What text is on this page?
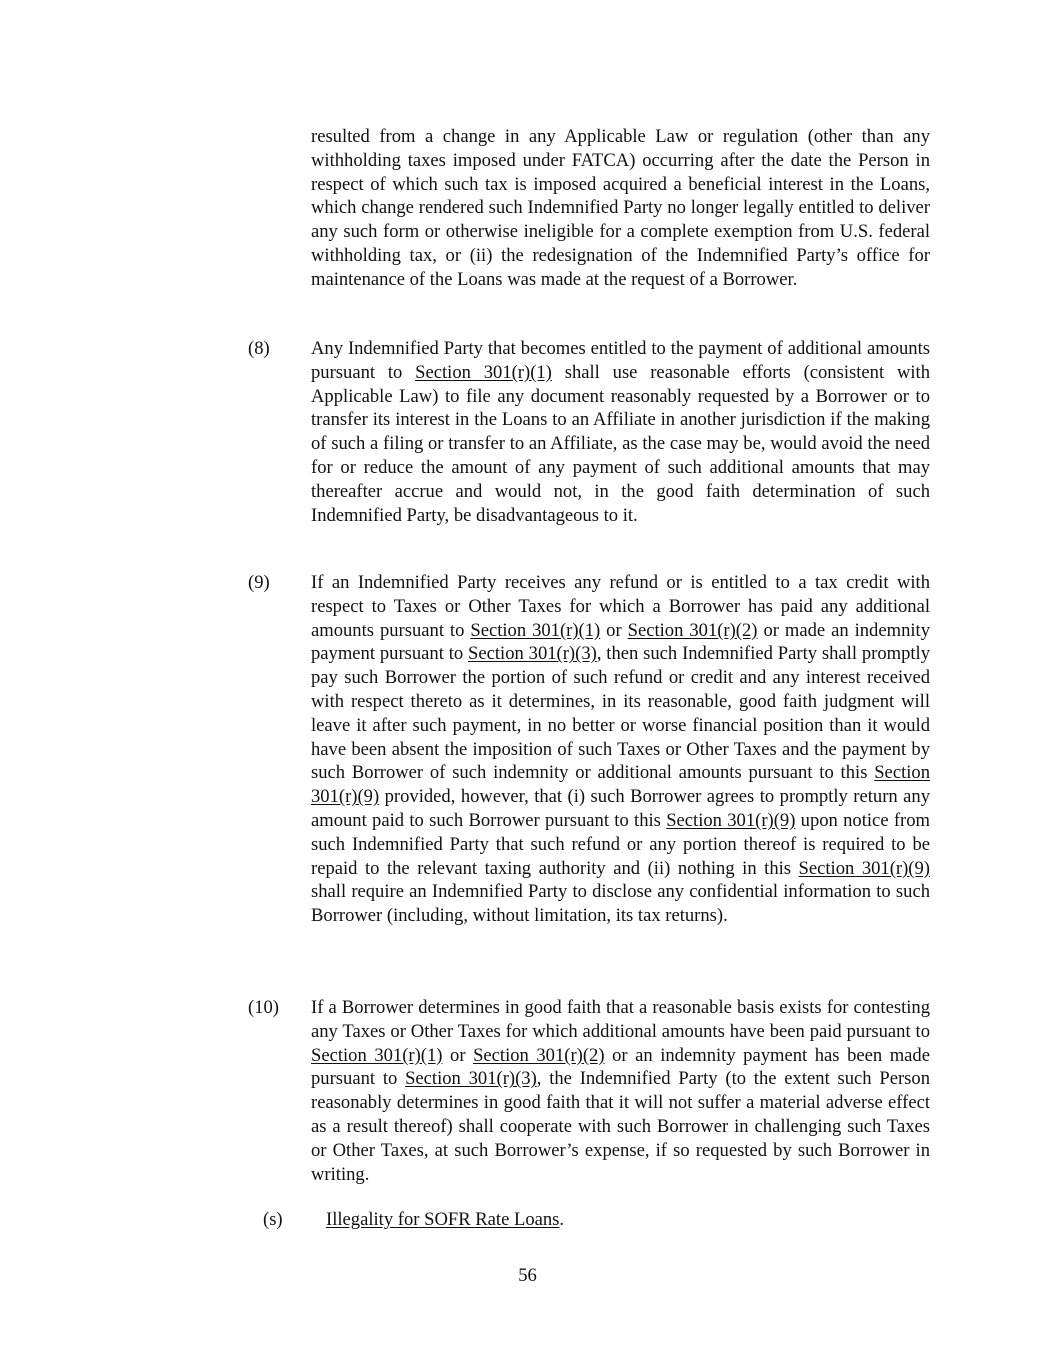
resulted from a change in any Applicable Law or regulation (other than any withholding taxes imposed under FATCA) occurring after the date the Person in respect of which such tax is imposed acquired a beneficial interest in the Loans, which change rendered such Indemnified Party no longer legally entitled to deliver any such form or otherwise ineligible for a complete exemption from U.S. federal withholding tax, or (ii) the redesignation of the Indemnified Party’s office for maintenance of the Loans was made at the request of a Borrower.

(8) Any Indemnified Party that becomes entitled to the payment of additional amounts pursuant to Section 301(r)(1) shall use reasonable efforts (consistent with Applicable Law) to file any document reasonably requested by a Borrower or to transfer its interest in the Loans to an Affiliate in another jurisdiction if the making of such a filing or transfer to an Affiliate, as the case may be, would avoid the need for or reduce the amount of any payment of such additional amounts that may thereafter accrue and would not, in the good faith determination of such Indemnified Party, be disadvantageous to it.

(9) If an Indemnified Party receives any refund or is entitled to a tax credit with respect to Taxes or Other Taxes for which a Borrower has paid any additional amounts pursuant to Section 301(r)(1) or Section 301(r)(2) or made an indemnity payment pursuant to Section 301(r)(3), then such Indemnified Party shall promptly pay such Borrower the portion of such refund or credit and any interest received with respect thereto as it determines, in its reasonable, good faith judgment will leave it after such payment, in no better or worse financial position than it would have been absent the imposition of such Taxes or Other Taxes and the payment by such Borrower of such indemnity or additional amounts pursuant to this Section 301(r)(9) provided, however, that (i) such Borrower agrees to promptly return any amount paid to such Borrower pursuant to this Section 301(r)(9) upon notice from such Indemnified Party that such refund or any portion thereof is required to be repaid to the relevant taxing authority and (ii) nothing in this Section 301(r)(9) shall require an Indemnified Party to disclose any confidential information to such Borrower (including, without limitation, its tax returns).

(10) If a Borrower determines in good faith that a reasonable basis exists for contesting any Taxes or Other Taxes for which additional amounts have been paid pursuant to Section 301(r)(1) or Section 301(r)(2) or an indemnity payment has been made pursuant to Section 301(r)(3), the Indemnified Party (to the extent such Person reasonably determines in good faith that it will not suffer a material adverse effect as a result thereof) shall cooperate with such Borrower in challenging such Taxes or Other Taxes, at such Borrower’s expense, if so requested by such Borrower in writing.

(s) Illegality for SOFR Rate Loans.
56
